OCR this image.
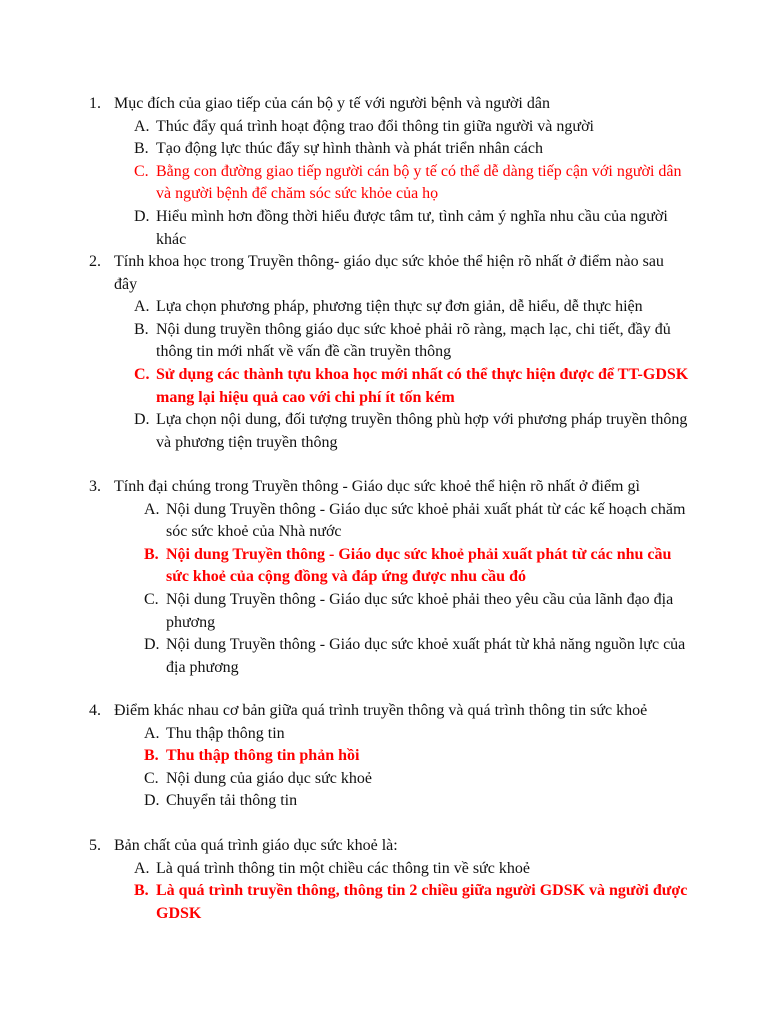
1. Mục đích của giao tiếp của cán bộ y tế với người bệnh và người dân
A. Thúc đẩy quá trình hoạt động trao đổi thông tin giữa người và người
B. Tạo động lực thúc đẩy sự hình thành và phát triển nhân cách
C. Bằng con đường giao tiếp người cán bộ y tế có thể dễ dàng tiếp cận với người dân và người bệnh để chăm sóc sức khỏe của họ
D. Hiểu mình hơn đồng thời hiểu được tâm tư, tình cảm ý nghĩa nhu cầu của người khác
2. Tính khoa học trong Truyền thông- giáo dục sức khỏe thể hiện rõ nhất ở điểm nào sau đây
A. Lựa chọn phương pháp, phương tiện thực sự đơn giản, dễ hiểu, dễ thực hiện
B. Nội dung truyền thông giáo dục sức khoẻ phải rõ ràng, mạch lạc, chi tiết, đầy đủ thông tin mới nhất về vấn đề cần truyền thông
C. Sử dụng các thành tựu khoa học mới nhất có thể thực hiện được để TT-GDSK mang lại hiệu quả cao với chi phí ít tốn kém
D. Lựa chọn nội dung, đối tượng truyền thông phù hợp với phương pháp truyền thông và phương tiện truyền thông
3. Tính đại chúng trong Truyền thông - Giáo dục sức khoẻ thể hiện rõ nhất ở điểm gì
A. Nội dung Truyền thông - Giáo dục sức khoẻ phải xuất phát từ các kế hoạch chăm sóc sức khoẻ của Nhà nước
B. Nội dung Truyền thông - Giáo dục sức khoẻ phải xuất phát từ các nhu cầu sức khoẻ của cộng đồng và đáp ứng được nhu cầu đó
C. Nội dung Truyền thông - Giáo dục sức khoẻ phải theo yêu cầu của lãnh đạo địa phương
D. Nội dung Truyền thông - Giáo dục sức khoẻ xuất phát từ khả năng nguồn lực của địa phương
4. Điểm khác nhau cơ bản giữa quá trình truyền thông và quá trình thông tin sức khoẻ
A. Thu thập thông tin
B. Thu thập thông tin phản hồi
C. Nội dung của giáo dục sức khoẻ
D. Chuyển tải thông tin
5. Bản chất của quá trình giáo dục sức khoẻ là:
A. Là quá trình thông tin một chiều các thông tin về sức khoẻ
B. Là quá trình truyền thông, thông tin 2 chiều giữa người GDSK và người được GDSK
